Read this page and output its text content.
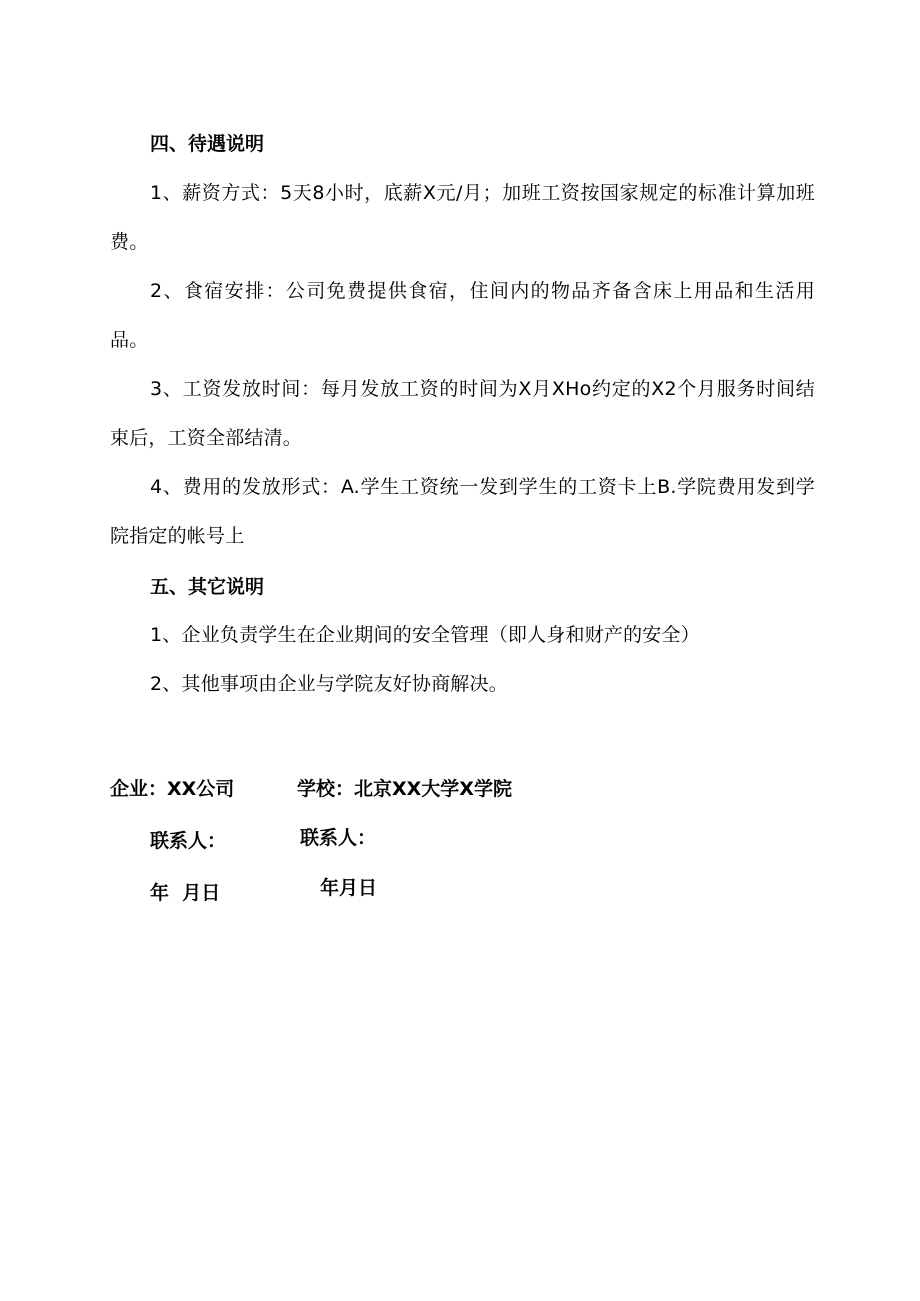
四、待遇说明

1、薪资方式：5天8小时，底薪X元/月；加班工资按国家规定的标准计算加班费。

2、食宿安排：公司免费提供食宿，住间内的物品齐备含床上用品和生活用品。

3、工资发放时间：每月发放工资的时间为X月XHo约定的X2个月服务时间结束后，工资全部结清。

4、费用的发放形式：A.学生工资统一发到学生的工资卡上B.学院费用发到学院指定的帐号上

五、其它说明

1、企业负责学生在企业期间的安全管理（即人身和财产的安全）

2、其他事项由企业与学院友好协商解决。

企业：XX公司	学校：北京XX大学X学院
联系人：	联系人：
年  月日	年月日
